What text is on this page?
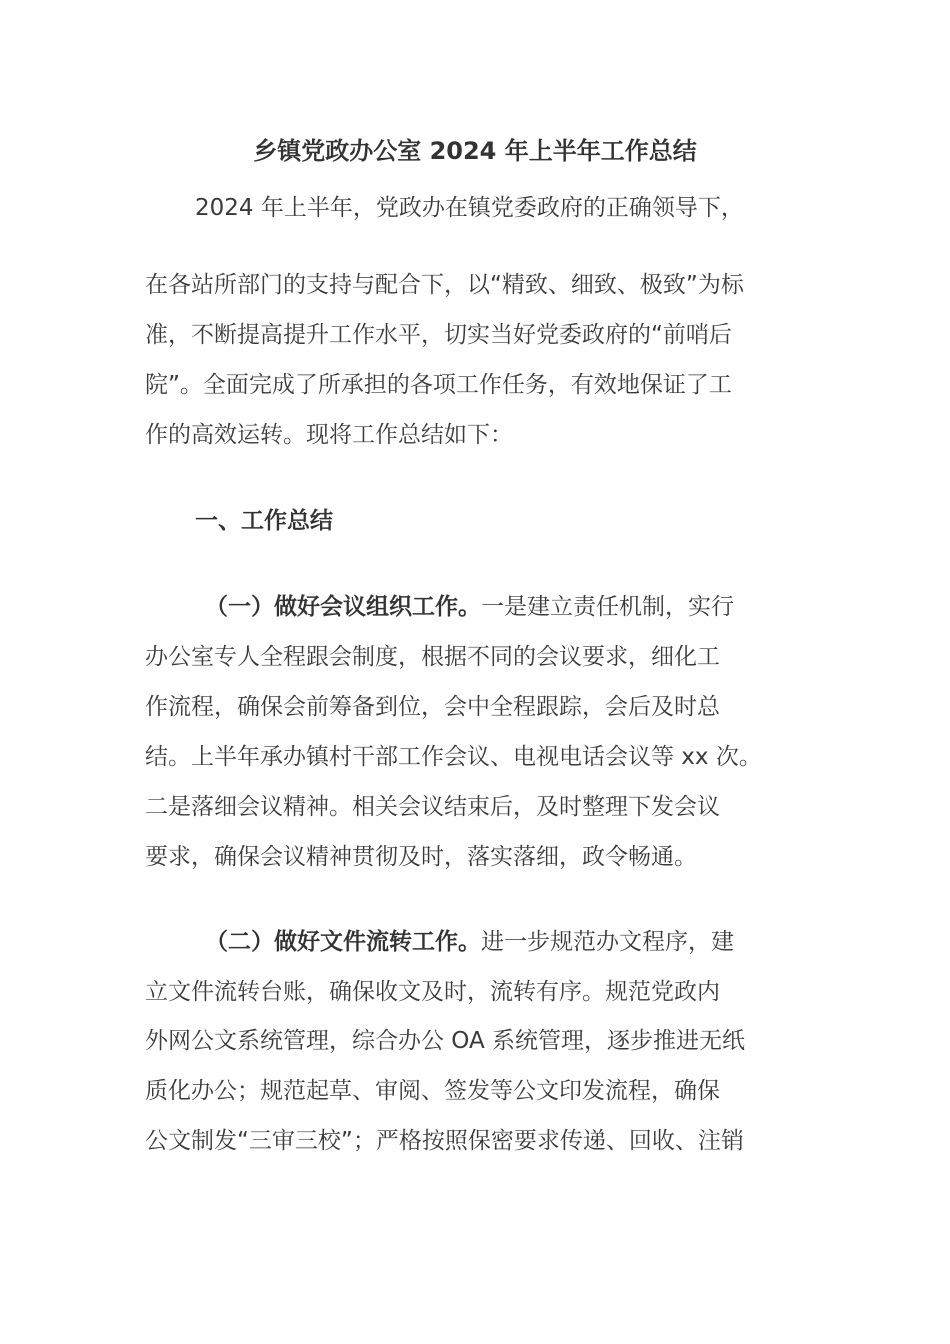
乡镇党政办公室 2024 年上半年工作总结

2024 年上半年，党政办在镇党委政府的正确领导下，

在各站所部门的支持与配合下，以“精致、细致、极致”为标

准，不断提高提升工作水平，切实当好党委政府的“前哨后

院”。全面完成了所承担的各项工作任务，有效地保证了工

作的高效运转。现将工作总结如下：

一、工作总结

（一）做好会议组织工作。一是建立责任机制，实行

办公室专人全程跟会制度，根据不同的会议要求，细化工

作流程，确保会前筹备到位，会中全程跟踪，会后及时总

结。上半年承办镇村干部工作会议、电视电话会议等 xx 次。

二是落细会议精神。相关会议结束后，及时整理下发会议

要求，确保会议精神贯彻及时，落实落细，政令畅通。

（二）做好文件流转工作。进一步规范办文程序，建

立文件流转台账，确保收文及时，流转有序。规范党政内

外网公文系统管理，综合办公 OA 系统管理，逐步推进无纸

质化办公；规范起草、审阅、签发等公文印发流程，确保

公文制发“三审三校”；严格按照保密要求传递、回收、注销
